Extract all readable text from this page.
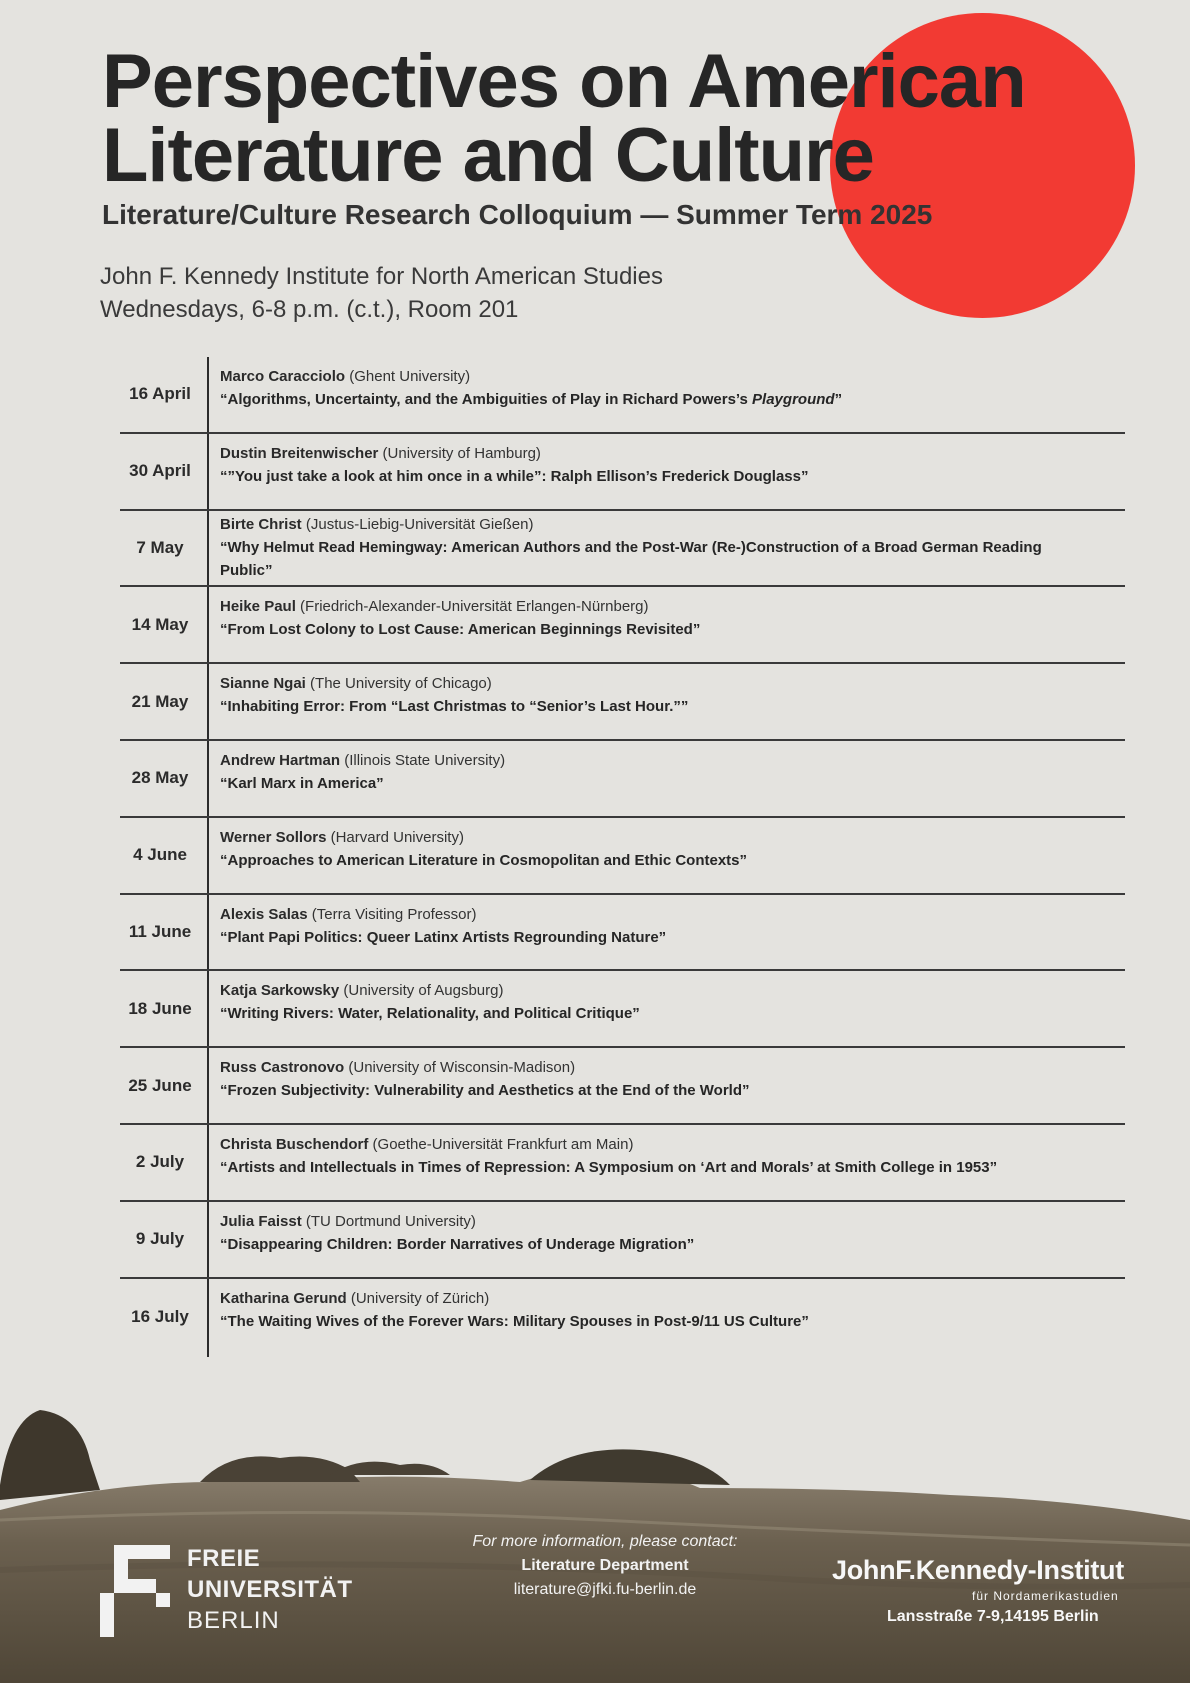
Perspectives on American
Literature and Culture
Literature/Culture Research Colloquium — Summer Term 2025
John F. Kennedy Institute for North American Studies
Wednesdays, 6-8 p.m. (c.t.), Room 201
16 April
Marco Caracciolo (Ghent University)
“Algorithms, Uncertainty, and the Ambiguities of Play in Richard Powers’s Playground”
30 April
Dustin Breitenwischer (University of Hamburg)
“”You just take a look at him once in a while”: Ralph Ellison’s Frederick Douglass”
7 May
Birte Christ (Justus-Liebig-Universität Gießen)
“Why Helmut Read Hemingway: American Authors and the Post-War (Re-)Construction of a Broad German Reading Public”
14 May
Heike Paul (Friedrich-Alexander-Universität Erlangen-Nürnberg)
“From Lost Colony to Lost Cause: American Beginnings Revisited”
21 May
Sianne Ngai (The University of Chicago)
“Inhabiting Error: From “Last Christmas to “Senior’s Last Hour.””
28 May
Andrew Hartman (Illinois State University)
“Karl Marx in America”
4 June
Werner Sollors (Harvard University)
“Approaches to American Literature in Cosmopolitan and Ethic Contexts”
11 June
Alexis Salas (Terra Visiting Professor)
“Plant Papi Politics: Queer Latinx Artists Regrounding Nature”
18 June
Katja Sarkowsky (University of Augsburg)
“Writing Rivers: Water, Relationality, and Political Critique”
25 June
Russ Castronovo (University of Wisconsin-Madison)
“Frozen Subjectivity: Vulnerability and Aesthetics at the End of the World”
2 July
Christa Buschendorf (Goethe-Universität Frankfurt am Main)
“Artists and Intellectuals in Times of Repression: A Symposium on ‘Art and Morals’ at Smith College in 1953”
9 July
Julia Faisst (TU Dortmund University)
“Disappearing Children: Border Narratives of Underage Migration”
16 July
Katharina Gerund (University of Zürich)
“The Waiting Wives of the Forever Wars: Military Spouses in Post-9/11 US Culture”
FREIE
UNIVERSITÄT
BERLIN
For more information, please contact:
Literature Department
literature@jfki.fu-berlin.de
JohnF.Kennedy-Institut
für Nordamerikastudien
Lansstraße 7-9,14195 Berlin
